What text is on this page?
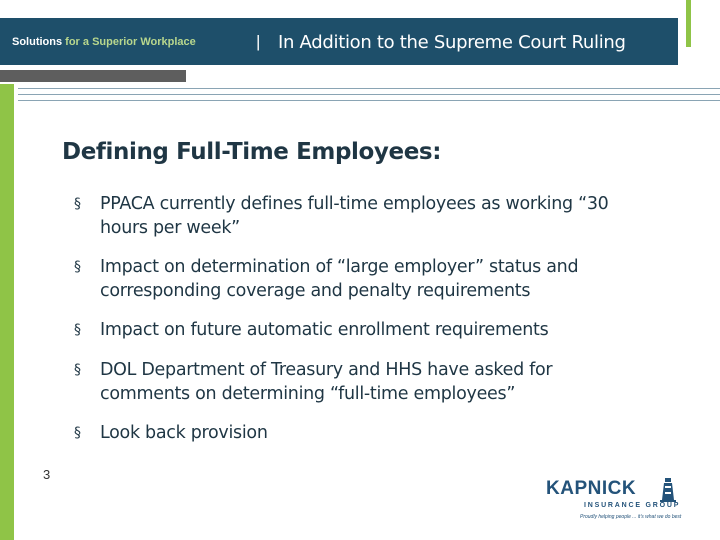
Solutions for a Superior Workplace	| In Addition to the Supreme Court Ruling
Defining Full-Time Employees:
§ PPACA currently defines full-time employees as working “30 hours per week”
§ Impact on determination of “large employer” status and corresponding coverage and penalty requirements
§ Impact on future automatic enrollment requirements
§ DOL Department of Treasury and HHS have asked for comments on determining “full-time employees”
§ Look back provision
3
KAPNICK
INSURANCE GROUP
Proudly helping people ... it's what we do best
